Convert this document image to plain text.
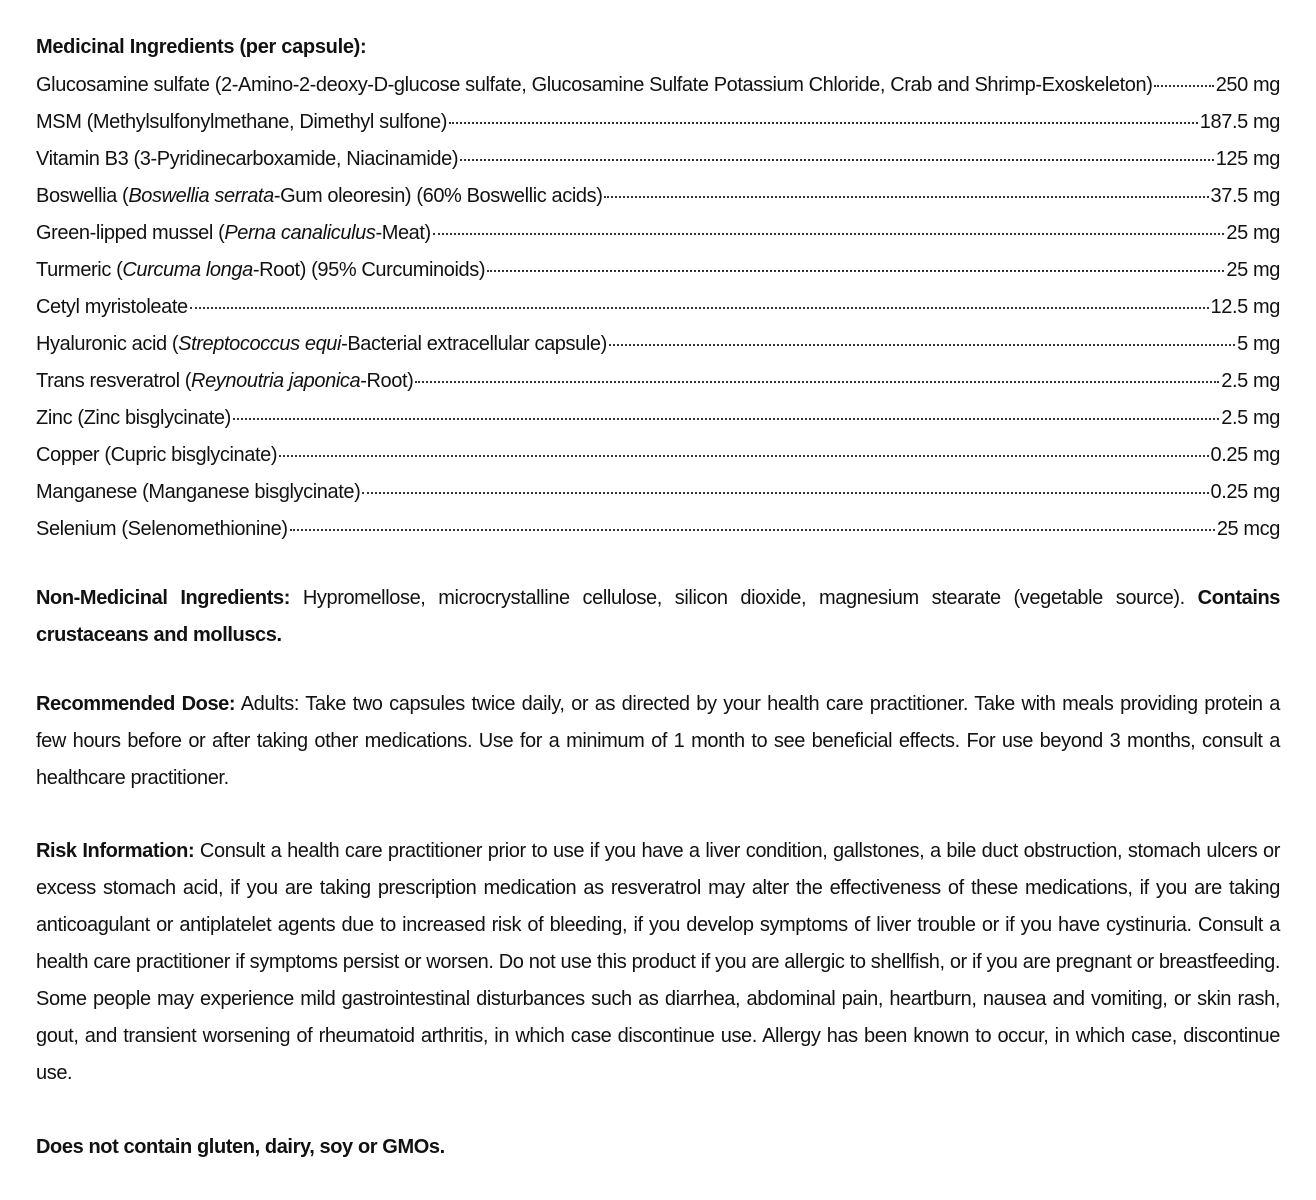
Medicinal Ingredients (per capsule):
Glucosamine sulfate (2-Amino-2-deoxy-D-glucose sulfate, Glucosamine Sulfate Potassium Chloride, Crab and Shrimp-Exoskeleton)	250 mg
MSM (Methylsulfonylmethane, Dimethyl sulfone)	187.5 mg
Vitamin B3 (3-Pyridinecarboxamide, Niacinamide)	125 mg
Boswellia (Boswellia serrata-Gum oleoresin) (60% Boswellic acids)	37.5 mg
Green-lipped mussel (Perna canaliculus-Meat)	25 mg
Turmeric (Curcuma longa-Root) (95% Curcuminoids)	25 mg
Cetyl myristoleate	12.5 mg
Hyaluronic acid (Streptococcus equi-Bacterial extracellular capsule)	5 mg
Trans resveratrol (Reynoutria japonica-Root)	2.5 mg
Zinc (Zinc bisglycinate)	2.5 mg
Copper (Cupric bisglycinate)	0.25 mg
Manganese (Manganese bisglycinate)	0.25 mg
Selenium (Selenomethionine)	25 mcg

Non-Medicinal Ingredients: Hypromellose, microcrystalline cellulose, silicon dioxide, magnesium stearate (vegetable source). Contains crustaceans and molluscs.

Recommended Dose: Adults: Take two capsules twice daily, or as directed by your health care practitioner. Take with meals providing protein a few hours before or after taking other medications. Use for a minimum of 1 month to see beneficial effects. For use beyond 3 months, consult a healthcare practitioner.

Risk Information: Consult a health care practitioner prior to use if you have a liver condition, gallstones, a bile duct obstruction, stomach ulcers or excess stomach acid, if you are taking prescription medication as resveratrol may alter the effectiveness of these medications, if you are taking anticoagulant or antiplatelet agents due to increased risk of bleeding, if you develop symptoms of liver trouble or if you have cystinuria. Consult a health care practitioner if symptoms persist or worsen. Do not use this product if you are allergic to shellfish, or if you are pregnant or breastfeeding. Some people may experience mild gastrointestinal disturbances such as diarrhea, abdominal pain, heartburn, nausea and vomiting, or skin rash, gout, and transient worsening of rheumatoid arthritis, in which case discontinue use. Allergy has been known to occur, in which case, discontinue use.

Does not contain gluten, dairy, soy or GMOs.
